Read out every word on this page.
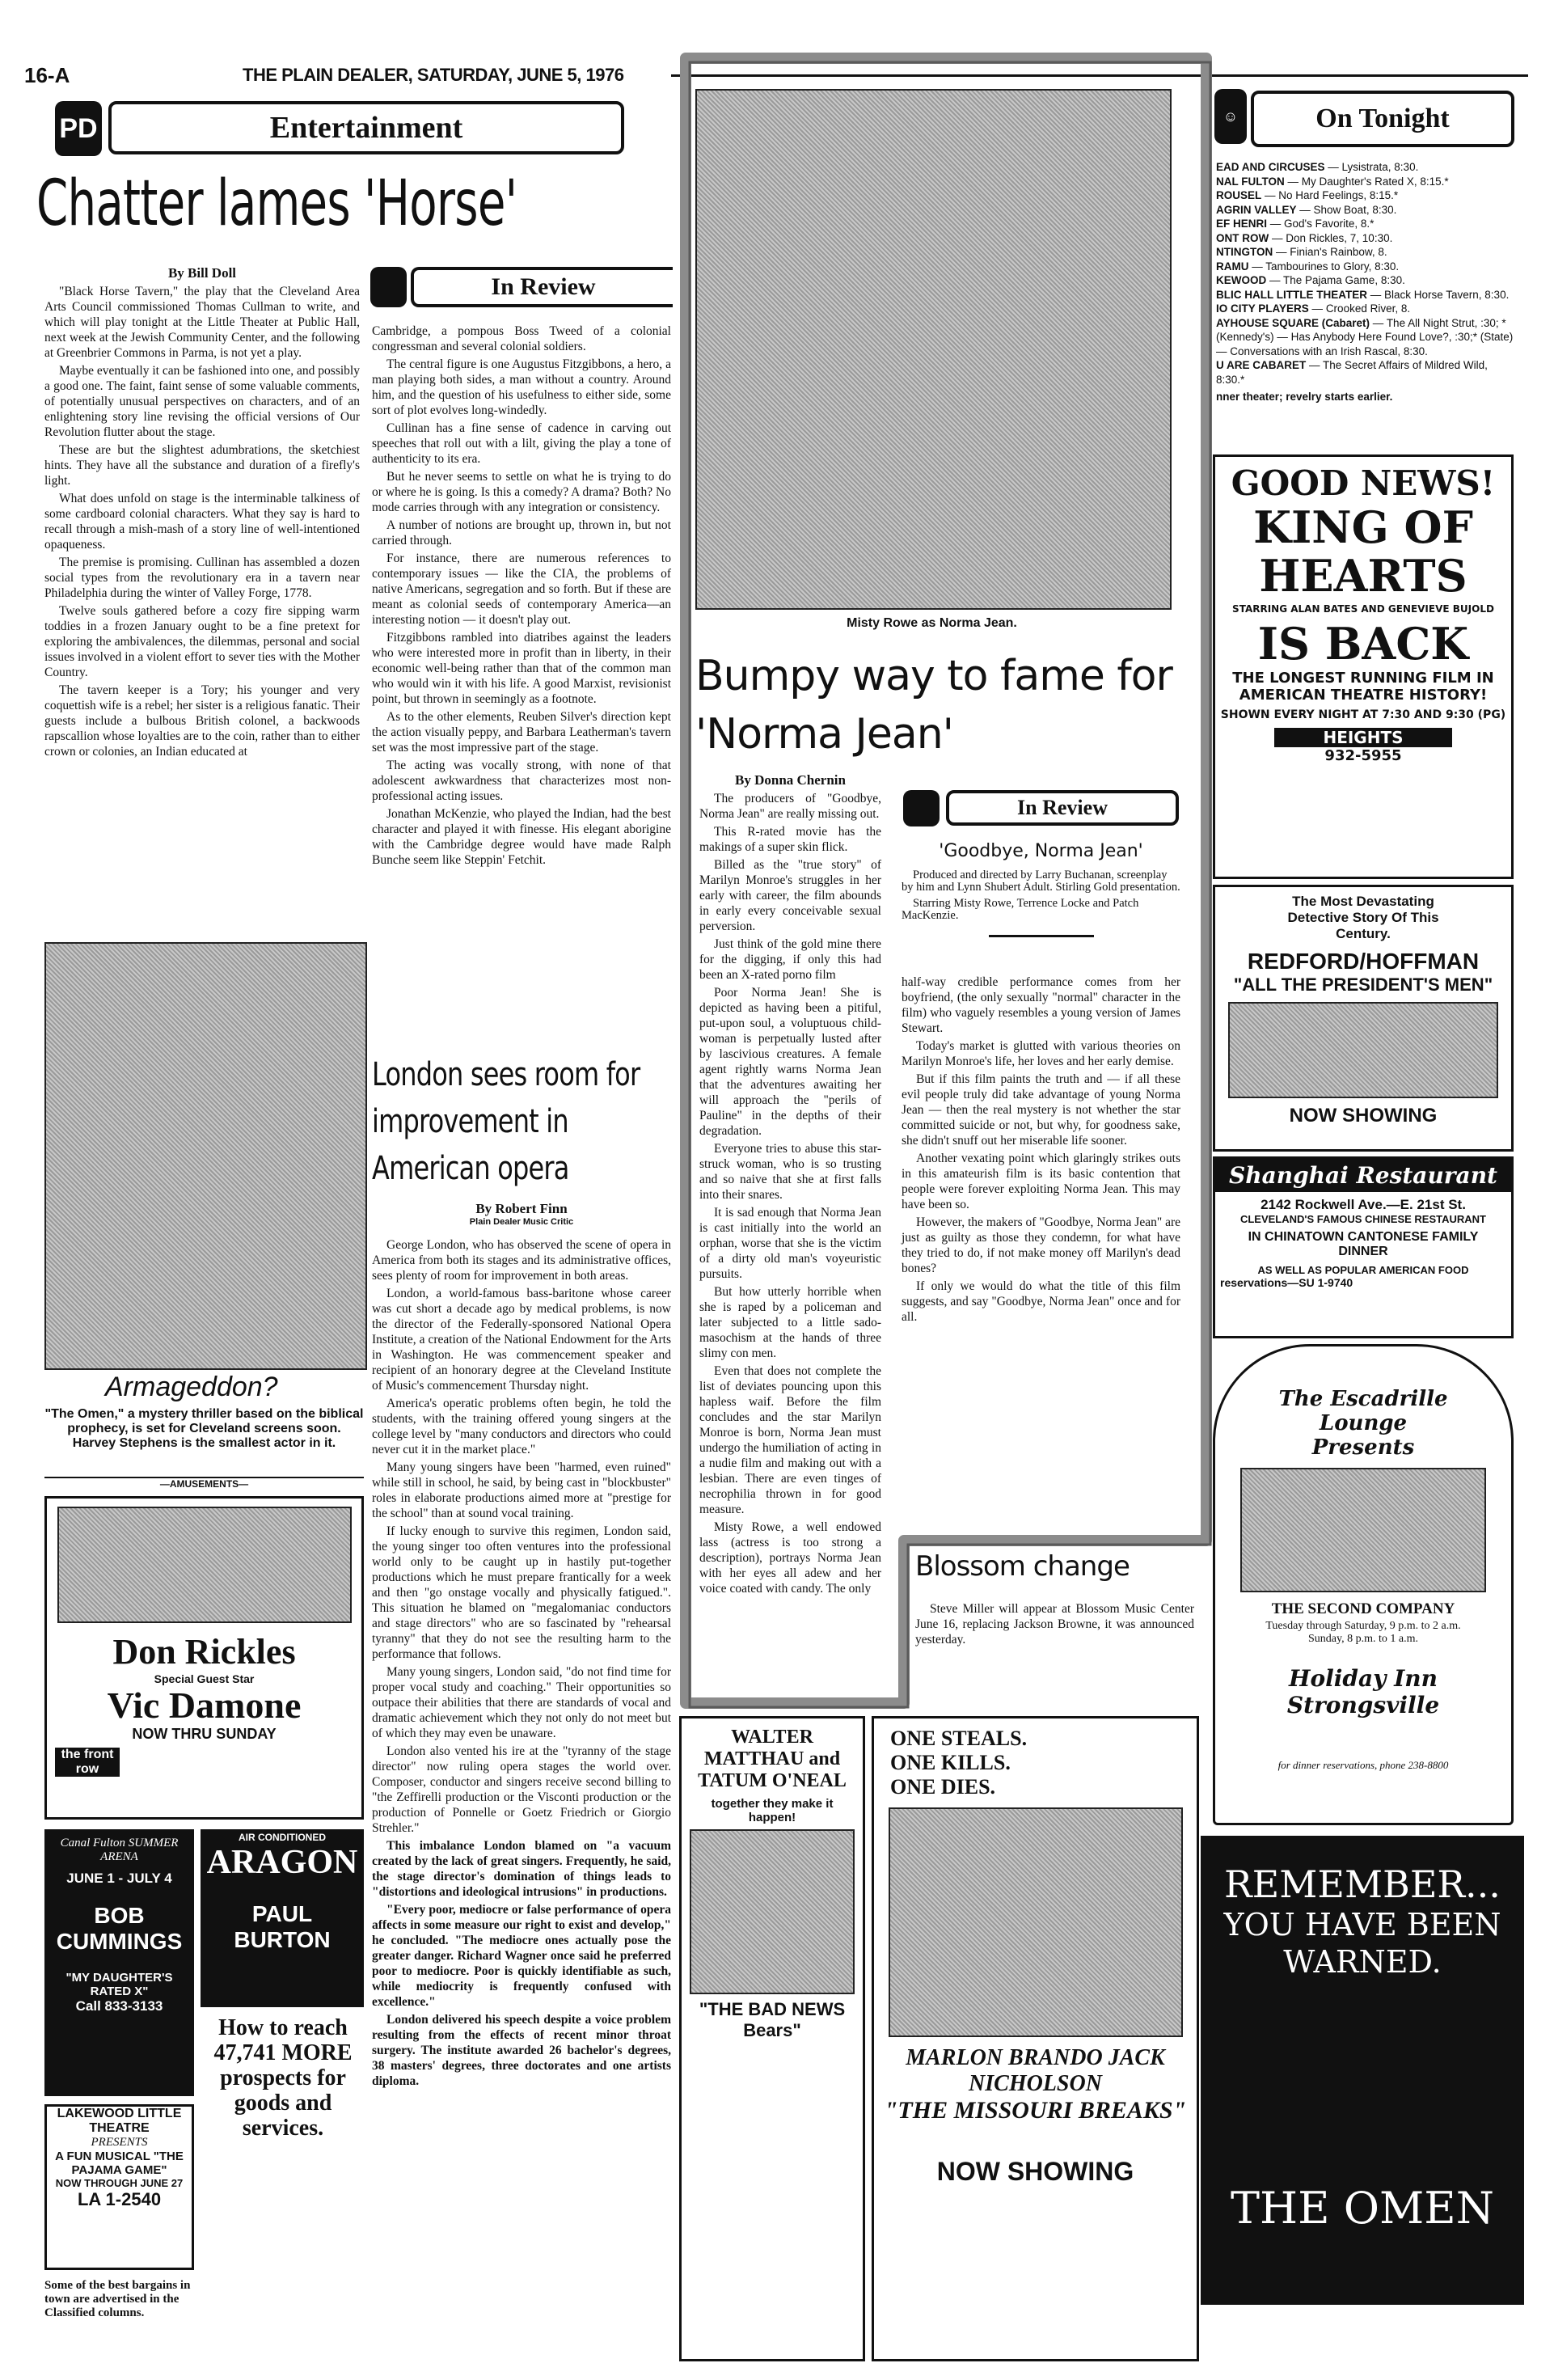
16-A	THE PLAIN DEALER, SATURDAY, JUNE 5, 1976
PD	Entertainment
Chatter lames 'Horse'
By Bill Doll

"Black Horse Tavern," the play that the Cleveland Area Arts Council commissioned Thomas Cullman to write, and which will play tonight at the Little Theater at Public Hall, next week at the Jewish Community Center, and the following at Greenbrier Commons in Parma, is not yet a play.

Maybe eventually it can be fashioned into one, and possibly a good one. The faint, faint sense of some valuable comments, of potentially unusual perspectives on characters, and of an enlightening story line revising the official versions of Our Revolution flutter about the stage.

These are but the slightest adumbrations, the sketchiest hints. They have all the substance and duration of a firefly's light.

What does unfold on stage is the interminable talkiness of some cardboard colonial characters. What they say is hard to recall through a mish-mash of a story line of well-intentioned opaqueness.

The premise is promising. Cullinan has assembled a dozen social types from the revolutionary era in a tavern near Philadelphia during the winter of Valley Forge, 1778.

Twelve souls gathered before a cozy fire sipping warm toddies in a frozen January ought to be a fine pretext for exploring the ambivalences, the dilemmas, personal and social issues involved in a violent effort to sever ties with the Mother Country.

The tavern keeper is a Tory; his younger and very coquettish wife is a rebel; her sister is a religious fanatic. Their guests include a bulbous British colonel, a backwoods rapscallion whose loyalties are to the coin, rather than to either crown or colonies, an Indian educated at

Armageddon?
"The Omen," a mystery thriller based on the biblical prophecy, is set for Cleveland screens soon. Harvey Stephens is the smallest actor in it.
—AMUSEMENTS—
In Review

Cambridge, a pompous Boss Tweed of a colonial congressman and several colonial soldiers.

The central figure is one Augustus Fitzgibbons, a hero, a man playing both sides, a man without a country. Around him, and the question of his usefulness to either side, some sort of plot evolves long-windedly.

Cullinan has a fine sense of cadence in carving out speeches that roll out with a lilt, giving the play a tone of authenticity to its era.

But he never seems to settle on what he is trying to do or where he is going. Is this a comedy? A drama? Both? No mode carries through with any integration or consistency.

A number of notions are brought up, thrown in, but not carried through.

For instance, there are numerous references to contemporary issues — like the CIA, the problems of native Americans, segregation and so forth. But if these are meant as colonial seeds of contemporary America—an interesting notion — it doesn't play out.

Fitzgibbons rambled into diatribes against the leaders who were interested more in profit than in liberty, in their economic well-being rather than that of the common man who would win it with his life. A good Marxist, revisionist point, but thrown in seemingly as a footnote.

As to the other elements, Reuben Silver's direction kept the action visually peppy, and Barbara Leatherman's tavern set was the most impressive part of the stage.

The acting was vocally strong, with none of that adolescent awkwardness that characterizes most non-professional acting issues.

Jonathan McKenzie, who played the Indian, had the best character and played it with finesse. His elegant aborigine with the Cambridge degree would have made Ralph Bunche seem like Steppin' Fetchit.

London sees room for improvement in American opera
By Robert Finn
Plain Dealer Music Critic

George London, who has observed the scene of opera in America from both its stages and its administrative offices, sees plenty of room for improvement in both areas.

London, a world-famous bass-baritone whose career was cut short a decade ago by medical problems, is now the director of the Federally-sponsored National Opera Institute, a creation of the National Endowment for the Arts in Washington. He was commencement speaker and recipient of an honorary degree at the Cleveland Institute of Music's commencement Thursday night.

America's operatic problems often begin, he told the students, with the training offered young singers at the college level by "many conductors and directors who could never cut it in the market place."

Many young singers have been "harmed, even ruined" while still in school, he said, by being cast in "blockbuster" roles in elaborate productions aimed more at "prestige for the school" than at sound vocal training.

If lucky enough to survive this regimen, London said, the young singer too often ventures into the professional world only to be caught up in hastily put-together productions which he must prepare frantically for a week and then "go onstage vocally and physically fatigued.". This situation he blamed on "megalomaniac conductors and stage directors" who are so fascinated by "rehearsal tyranny" that they do not see the resulting harm to the performance that follows.

Many young singers, London said, "do not find time for proper vocal study and coaching." Their opportunities so outpace their abilities that there are standards of vocal and dramatic achievement which they not only do not meet but of which they may even be unaware.

London also vented his ire at the "tyranny of the stage director" now ruling opera stages the world over. Composer, conductor and singers receive second billing to "the Zeffirelli production or the Visconti production or the production of Ponnelle or Goetz Friedrich or Giorgio Strehler."

This imbalance London blamed on "a vacuum created by the lack of great singers. Frequently, he said, the stage director's domination of things leads to "distortions and ideological intrusions" in productions.

"Every poor, mediocre or false performance of opera affects in some measure our right to exist and develop," he concluded. "The mediocre ones actually pose the greater danger. Richard Wagner once said he preferred poor to mediocre. Poor is quickly identifiable as such, while mediocrity is frequently confused with excellence."

London delivered his speech despite a voice problem resulting from the effects of recent minor throat surgery. The institute awarded 26 bachelor's degrees, 38 masters' degrees, three doctorates and one artists diploma.

Misty Rowe as Norma Jean.
Bumpy way to fame for 'Norma Jean'
By Donna Chernin

The producers of "Goodbye, Norma Jean" are really missing out.

This R-rated movie has the makings of a super skin flick.

Billed as the "true story" of Marilyn Monroe's struggles in her early with career, the film abounds in early every conceivable sexual perversion.

Just think of the gold mine there for the digging, if only this had been an X-rated porno film

Poor Norma Jean! She is depicted as having been a pitiful, put-upon soul, a voluptuous child-woman is perpetually lusted after by lascivious creatures. A female agent rightly warns Norma Jean that the adventures awaiting her will approach the "perils of Pauline" in the depths of their degradation.

Everyone tries to abuse this star-struck woman, who is so trusting and so naive that she at first falls into their snares.

It is sad enough that Norma Jean is cast initially into the world an orphan, worse that she is the victim of a dirty old man's voyeuristic pursuits.

But how utterly horrible when she is raped by a policeman and later subjected to a little sado-masochism at the hands of three slimy con men.

Even that does not complete the list of deviates pouncing upon this hapless waif. Before the film concludes and the star Marilyn Monroe is born, Norma Jean must undergo the humiliation of acting in a nudie film and making out with a lesbian. There are even tinges of necrophilia thrown in for good measure.

Misty Rowe, a well endowed lass (actress is too strong a description), portrays Norma Jean with her eyes all adew and her voice coated with candy. The only

In Review
'Goodbye, Norma Jean'
Produced and directed by Larry Buchanan, screenplay by him and Lynn Shubert Adult. Stirling Gold presentation.
Starring Misty Rowe, Terrence Locke and Patch MacKenzie.

half-way credible performance comes from her boyfriend, (the only sexually "normal" character in the film) who vaguely resembles a young version of James Stewart.

Today's market is glutted with various theories on Marilyn Monroe's life, her loves and her early demise.

But if this film paints the truth and — if all these evil people truly did take advantage of young Norma Jean — then the real mystery is not whether the star committed suicide or not, but why, for goodness sake, she didn't snuff out her miserable life sooner.

Another vexating point which glaringly strikes outs in this amateurish film is its basic contention that people were forever exploiting Norma Jean. This may have been so.

However, the makers of "Goodbye, Norma Jean" are just as guilty as those they condemn, for what have they tried to do, if not make money off Marilyn's dead bones?

If only we would do what the title of this film suggests, and say "Goodbye, Norma Jean" once and for all.

Blossom change

Steve Miller will appear at Blossom Music Center June 16, replacing Jackson Browne, it was announced yesterday.

☺	On Tonight
EAD AND CIRCUSES — Lysistrata, 8:30.
NAL FULTON — My Daughter's Rated X, 8:15.*
ROUSEL — No Hard Feelings, 8:15.*
AGRIN VALLEY — Show Boat, 8:30.
EF HENRI — God's Favorite, 8.*
ONT ROW — Don Rickles, 7, 10:30.
NTINGTON — Finian's Rainbow, 8.
RAMU — Tambourines to Glory, 8:30.
KEWOOD — The Pajama Game, 8:30.
BLIC HALL LITTLE THEATER — Black Horse Tavern, 8:30.
IO CITY PLAYERS — Crooked River, 8.
AYHOUSE SQUARE (Cabaret) — The All Night Strut, :30; * (Kennedy's) — Has Anybody Here Found Love?, :30;* (State) — Conversations with an Irish Rascal, 8:30.
U ARE CABARET — The Secret Affairs of Mildred Wild, 8:30.*
nner theater; revelry starts earlier.
GOOD NEWS!
KING OF HEARTS
STARRING ALAN BATES AND GENEVIEVE BUJOLD
IS BACK
THE LONGEST RUNNING FILM IN AMERICAN THEATRE HISTORY!
SHOWN EVERY NIGHT AT 7:30 AND 9:30 (PG)
HEIGHTS
932-5955
The Most Devastating Detective Story Of This Century.
REDFORD/HOFFMAN
"ALL THE PRESIDENT'S MEN"
NOW SHOWING
Shanghai Restaurant
2142 Rockwell Ave.—E. 21st St.
CLEVELAND'S FAMOUS CHINESE RESTAURANT
IN CHINATOWN CANTONESE FAMILY DINNER
AS WELL AS POPULAR AMERICAN FOOD
reservations—SU 1-9740
The Escadrille Lounge Presents
THE SECOND COMPANY
Tuesday through Saturday, 9 p.m. to 2 a.m. Sunday, 8 p.m. to 1 a.m.
Holiday Inn Strongsville
for dinner reservations, phone 238-8800
REMEMBER...
YOU HAVE BEEN WARNED.
THE OMEN
WALTER MATTHAU and TATUM O'NEAL
together they make it happen!
"THE BAD NEWS Bears"
ONE STEALS. ONE KILLS. ONE DIES.
MARLON BRANDO JACK NICHOLSON
"THE MISSOURI BREAKS"
NOW SHOWING
Don Rickles
Special Guest Star
Vic Damone
NOW THRU SUNDAY
the front row
Canal Fulton SUMMER ARENA
JUNE 1 - JULY 4
BOB CUMMINGS
"MY DAUGHTER'S RATED X"
Call 833-3133
AIR CONDITIONED
ARAGON
PAUL BURTON
How to reach 47,741 MORE prospects for goods and services.
LAKEWOOD LITTLE THEATRE
PRESENTS
A FUN MUSICAL "THE PAJAMA GAME"
NOW THROUGH JUNE 27
LA 1-2540
Some of the best bargains in town are advertised in the Classified columns.
